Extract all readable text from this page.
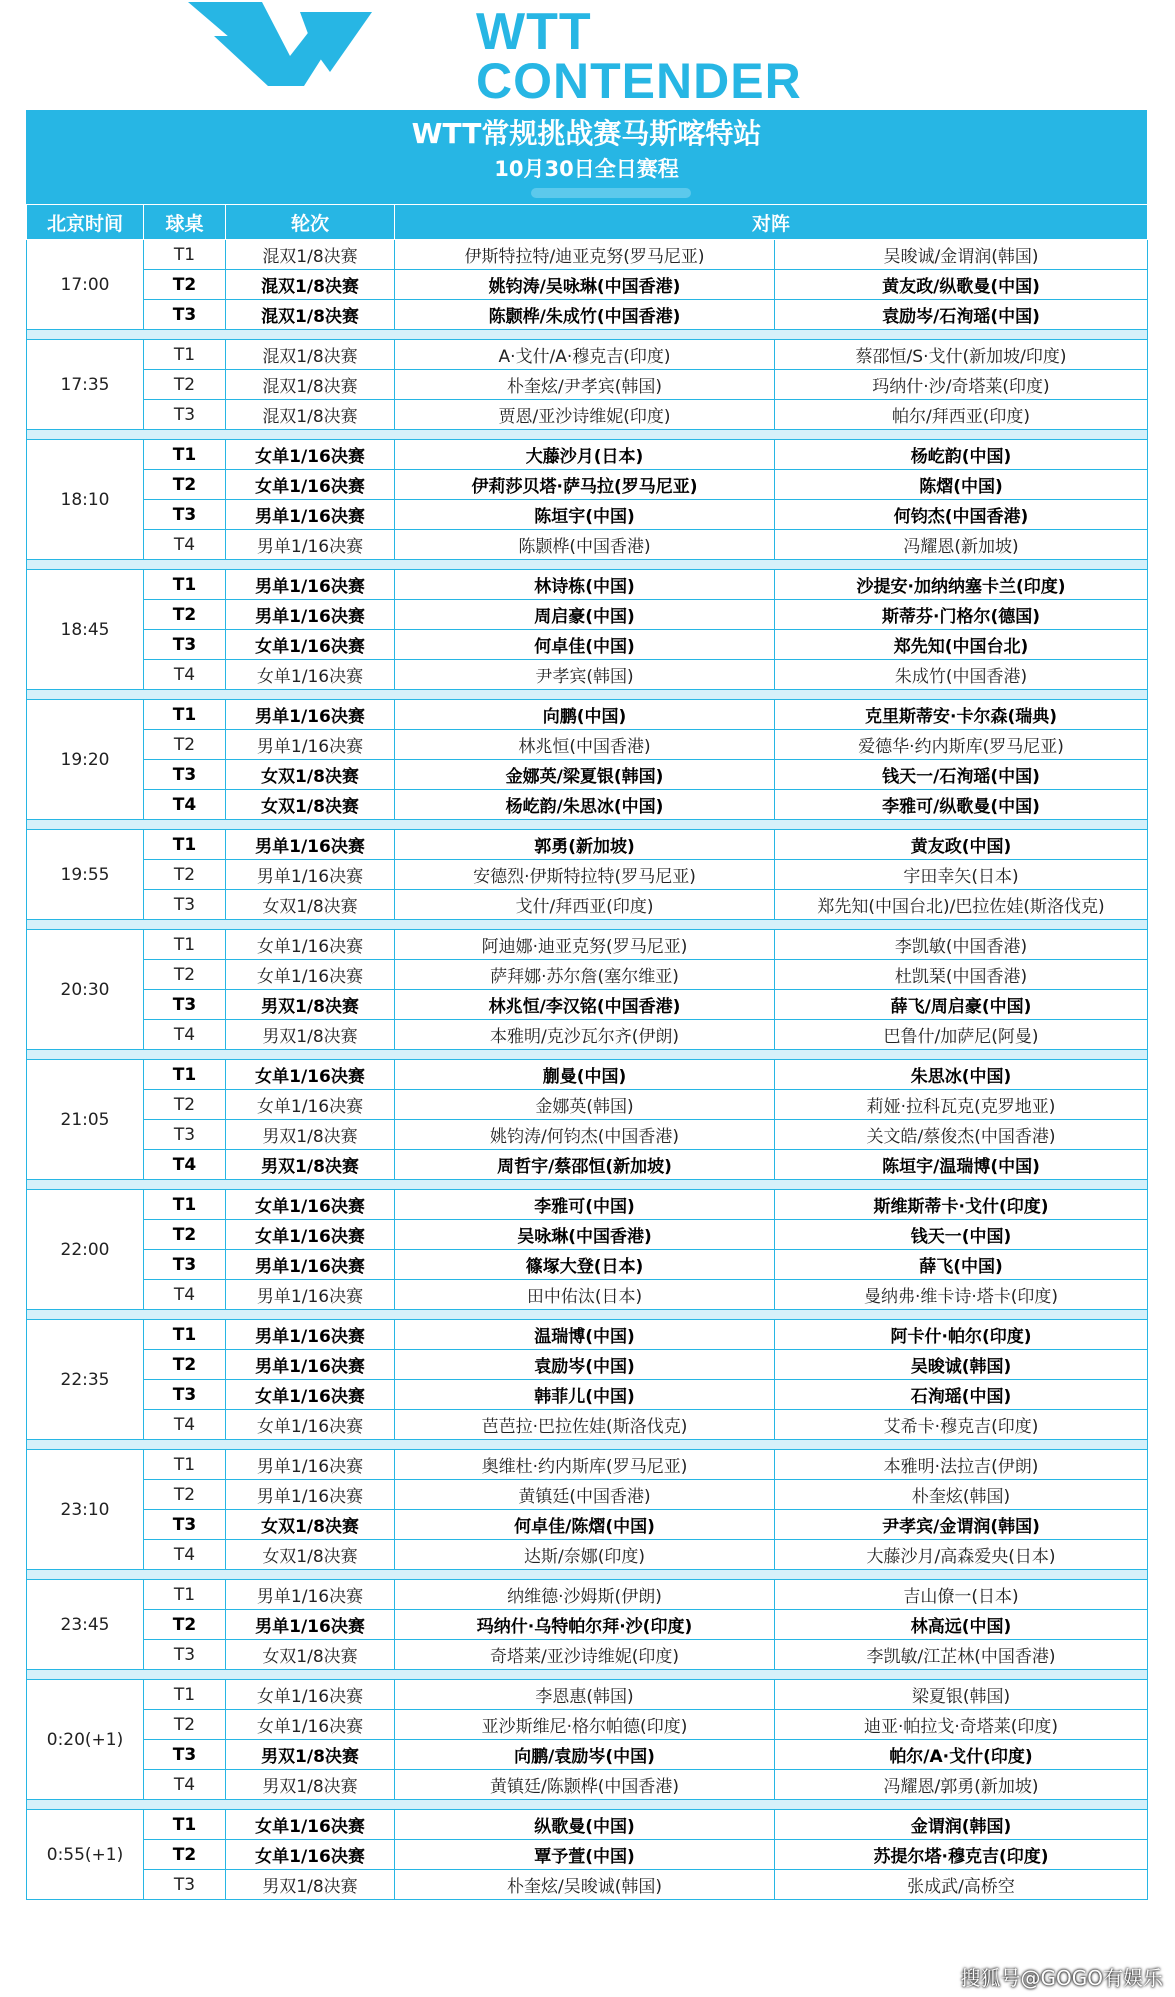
WTT
CONTENDER
WTT常规挑战赛马斯喀特站
10月30日全日赛程
北京时间	球桌	轮次	对阵	
17:00	T1	混双1/8决赛	伊斯特拉特/迪亚克努(罗马尼亚)	吴晙诚/金谓润(韩国)
	T2	混双1/8决赛	姚钧涛/吴咏琳(中国香港)	黄友政/纵歌曼(中国)
	T3	混双1/8决赛	陈颢桦/朱成竹(中国香港)	袁励岑/石洵瑶(中国)

17:35	T1	混双1/8决赛	A·戈什/A·穆克吉(印度)	蔡邵恒/S·戈什(新加坡/印度)
	T2	混双1/8决赛	朴奎炫/尹孝宾(韩国)	玛纳什·沙/奇塔莱(印度)
	T3	混双1/8决赛	贾恩/亚沙诗维妮(印度)	帕尔/拜西亚(印度)

18:10	T1	女单1/16决赛	大藤沙月(日本)	杨屹韵(中国)
	T2	女单1/16决赛	伊莉莎贝塔·萨马拉(罗马尼亚)	陈熠(中国)
	T3	男单1/16决赛	陈垣宇(中国)	何钧杰(中国香港)
	T4	男单1/16决赛	陈颢桦(中国香港)	冯耀恩(新加坡)

18:45	T1	男单1/16决赛	林诗栋(中国)	沙提安·加纳纳塞卡兰(印度)
	T2	男单1/16决赛	周启豪(中国)	斯蒂芬·门格尔(德国)
	T3	女单1/16决赛	何卓佳(中国)	郑先知(中国台北)
	T4	女单1/16决赛	尹孝宾(韩国)	朱成竹(中国香港)

19:20	T1	男单1/16决赛	向鹏(中国)	克里斯蒂安·卡尔森(瑞典)
	T2	男单1/16决赛	林兆恒(中国香港)	爱德华·约内斯库(罗马尼亚)
	T3	女双1/8决赛	金娜英/梁夏银(韩国)	钱天一/石洵瑶(中国)
	T4	女双1/8决赛	杨屹韵/朱思冰(中国)	李雅可/纵歌曼(中国)

19:55	T1	男单1/16决赛	郭勇(新加坡)	黄友政(中国)
	T2	男单1/16决赛	安德烈·伊斯特拉特(罗马尼亚)	宇田幸矢(日本)
	T3	女双1/8决赛	戈什/拜西亚(印度)	郑先知(中国台北)/巴拉佐娃(斯洛伐克)

20:30	T1	女单1/16决赛	阿迪娜·迪亚克努(罗马尼亚)	李凯敏(中国香港)
	T2	女单1/16决赛	萨拜娜·苏尔詹(塞尔维亚)	杜凯琹(中国香港)
	T3	男双1/8决赛	林兆恒/李汉铭(中国香港)	薛飞/周启豪(中国)
	T4	男双1/8决赛	本雅明/克沙瓦尔齐(伊朗)	巴鲁什/加萨尼(阿曼)

21:05	T1	女单1/16决赛	蒯曼(中国)	朱思冰(中国)
	T2	女单1/16决赛	金娜英(韩国)	莉娅·拉科瓦克(克罗地亚)
	T3	男双1/8决赛	姚钧涛/何钧杰(中国香港)	关文皓/蔡俊杰(中国香港)
	T4	男双1/8决赛	周哲宇/蔡邵恒(新加坡)	陈垣宇/温瑞博(中国)

22:00	T1	女单1/16决赛	李雅可(中国)	斯维斯蒂卡·戈什(印度)
	T2	女单1/16决赛	吴咏琳(中国香港)	钱天一(中国)
	T3	男单1/16决赛	篠塚大登(日本)	薛飞(中国)
	T4	男单1/16决赛	田中佑汰(日本)	曼纳弗·维卡诗·塔卡(印度)

22:35	T1	男单1/16决赛	温瑞博(中国)	阿卡什·帕尔(印度)
	T2	男单1/16决赛	袁励岑(中国)	吴晙诚(韩国)
	T3	女单1/16决赛	韩菲儿(中国)	石洵瑶(中国)
	T4	女单1/16决赛	芭芭拉·巴拉佐娃(斯洛伐克)	艾希卡·穆克吉(印度)

23:10	T1	男单1/16决赛	奥维杜·约内斯库(罗马尼亚)	本雅明·法拉吉(伊朗)
	T2	男单1/16决赛	黄镇廷(中国香港)	朴奎炫(韩国)
	T3	女双1/8决赛	何卓佳/陈熠(中国)	尹孝宾/金谓润(韩国)
	T4	女双1/8决赛	达斯/奈娜(印度)	大藤沙月/高森爱央(日本)

23:45	T1	男单1/16决赛	纳维德·沙姆斯(伊朗)	吉山僚一(日本)
	T2	男单1/16决赛	玛纳什·乌特帕尔拜·沙(印度)	林高远(中国)
	T3	女双1/8决赛	奇塔莱/亚沙诗维妮(印度)	李凯敏/江芷林(中国香港)

0:20(+1)	T1	女单1/16决赛	李恩惠(韩国)	梁夏银(韩国)
	T2	女单1/16决赛	亚沙斯维尼·格尔帕德(印度)	迪亚·帕拉戈·奇塔莱(印度)
	T3	男双1/8决赛	向鹏/袁励岑(中国)	帕尔/A·戈什(印度)
	T4	男双1/8决赛	黄镇廷/陈颢桦(中国香港)	冯耀恩/郭勇(新加坡)

0:55(+1)	T1	女单1/16决赛	纵歌曼(中国)	金谓润(韩国)
	T2	女单1/16决赛	覃予萱(中国)	苏提尔塔·穆克吉(印度)
	T3	男双1/8决赛	朴奎炫/吴晙诚(韩国)	张成武/高桥空
搜狐号@GOGO有娱乐
